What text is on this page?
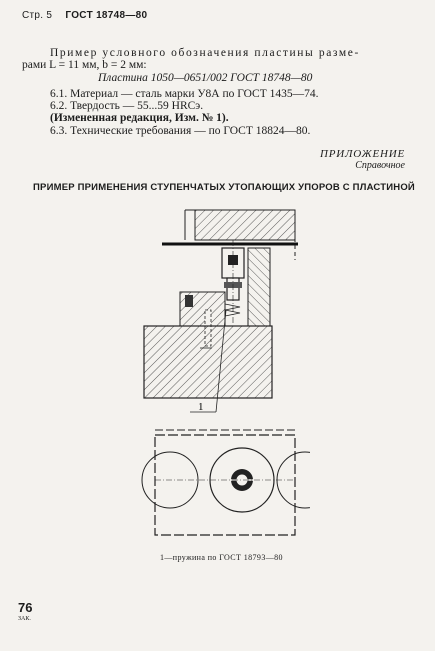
Стр. 5 ГОСТ 18748—80
Пример условного обозначения пластины разме-
рами L = 11 мм, b = 2 мм:
Пластина 1050—0651/002 ГОСТ 18748—80
6.1. Материал — сталь марки У8А по ГОСТ 1435—74.
6.2. Твердость — 55...59 HRCэ.
(Измененная редакция, Изм. № 1).
6.3. Технические требования — по ГОСТ 18824—80.
ПРИЛОЖЕНИЕ
Справочное
ПРИМЕР ПРИМЕНЕНИЯ СТУПЕНЧАТЫХ УТОПАЮЩИХ УПОРОВ С ПЛАСТИНОЙ
1
1—пружина по ГОСТ 18793—80
76
ЗАК.
